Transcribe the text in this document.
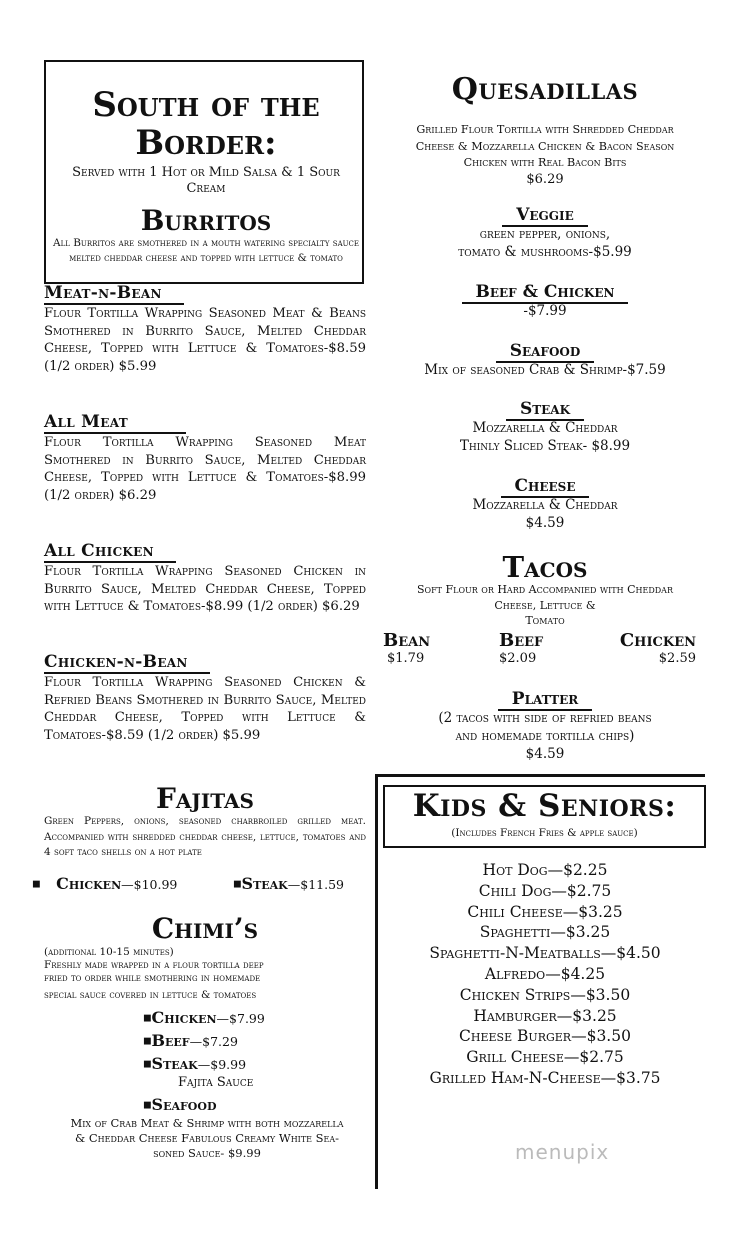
South of the
Border:
Served with 1 Hot or Mild Salsa & 1 Sour Cream
Burritos
All Burritos are smothered in a mouth watering specialty sauce melted cheddar cheese and topped with lettuce & tomato
Meat-n-Bean
Flour Tortilla Wrapping Seasoned Meat & Beans Smothered in Burrito Sauce, Melted Cheddar Cheese, Topped with Lettuce & Tomatoes-$8.59 (1/2 order) $5.99
All Meat
Flour Tortilla Wrapping Seasoned Meat Smothered in Burrito Sauce, Melted Cheddar Cheese, Topped with Lettuce & Tomatoes-$8.99 (1/2 order) $6.29
All Chicken
Flour Tortilla Wrapping Seasoned Chicken in Burrito Sauce, Melted Cheddar Cheese, Topped with Lettuce & Tomatoes-$8.99 (1/2 order) $6.29
Chicken-n-Bean
Flour Tortilla Wrapping Seasoned Chicken & Refried Beans Smothered in Burrito Sauce, Melted Cheddar Cheese, Topped with Lettuce & Tomatoes-$8.59 (1/2 order) $5.99
Fajitas
Green Peppers, onions, seasoned charbroiled grilled meat. Accompanied with shredded cheddar cheese, lettuce, tomatoes and 4 soft taco shells on a hot plate
■ Chicken—$10.99	■Steak—$11.59
Chimi’s
(additional 10-15 minutes)
Freshly made wrapped in a flour tortilla deep
fried to order while smothering in homemade
special sauce covered in lettuce & tomatoes
■Chicken—$7.99
■Beef—$7.29
■Steak—$9.99
Fajita Sauce
■Seafood
Mix of Crab Meat & Shrimp with both mozzarella
& Cheddar Cheese Fabulous Creamy White Sea-
soned Sauce- $9.99
Quesadillas
Grilled Flour Tortilla with Shredded Cheddar
Cheese & Mozzarella Chicken & Bacon Season
Chicken with Real Bacon Bits
$6.29
Veggie
green pepper, onions,
tomato & mushrooms-$5.99
Beef & Chicken
-$7.99
Seafood
Mix of seasoned Crab & Shrimp-$7.59
Steak
Mozzarella & Cheddar
Thinly Sliced Steak- $8.99
Cheese
Mozzarella & Cheddar
$4.59
Tacos
Soft Flour or Hard Accompanied with Cheddar
Cheese, Lettuce &
Tomato
Bean
$1.79
Beef
$2.09
Chicken
$2.59
Platter
(2 tacos with side of refried beans
and homemade tortilla chips)
$4.59
Kids & Seniors:
(Includes French Fries & apple sauce)
Hot Dog—$2.25
Chili Dog—$2.75
Chili Cheese—$3.25
Spaghetti—$3.25
Spaghetti-N-Meatballs—$4.50
Alfredo—$4.25
Chicken Strips—$3.50
Hamburger—$3.25
Cheese Burger—$3.50
Grill Cheese—$2.75
Grilled Ham-N-Cheese—$3.75
menupix
